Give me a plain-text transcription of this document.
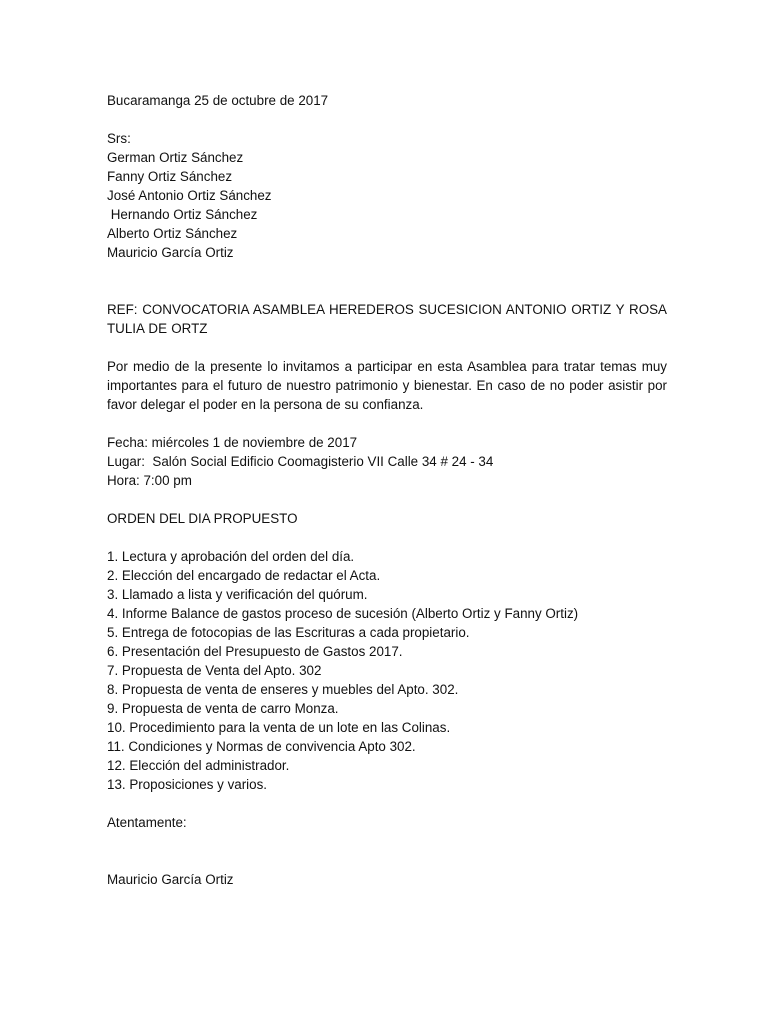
Bucaramanga 25 de octubre de 2017
Srs:
German Ortiz Sánchez
Fanny Ortiz Sánchez
José Antonio Ortiz Sánchez
Hernando Ortiz Sánchez
Alberto Ortiz Sánchez
Mauricio García Ortiz
REF: CONVOCATORIA ASAMBLEA HEREDEROS SUCESICION ANTONIO ORTIZ Y ROSA TULIA DE ORTZ
Por medio de la presente lo invitamos a participar en esta Asamblea para tratar temas muy importantes para el futuro de nuestro patrimonio y bienestar. En caso de no poder asistir por favor delegar el poder en la persona de su confianza.
Fecha: miércoles 1 de noviembre de 2017
Lugar:  Salón Social Edificio Coomagisterio VII Calle 34 # 24 - 34
Hora: 7:00 pm
ORDEN DEL DIA PROPUESTO
1. Lectura y aprobación del orden del día.
2. Elección del encargado de redactar el Acta.
3. Llamado a lista y verificación del quórum.
4. Informe Balance de gastos proceso de sucesión (Alberto Ortiz y Fanny Ortiz)
5. Entrega de fotocopias de las Escrituras a cada propietario.
6. Presentación del Presupuesto de Gastos 2017.
7. Propuesta de Venta del Apto. 302
8. Propuesta de venta de enseres y muebles del Apto. 302.
9. Propuesta de venta de carro Monza.
10. Procedimiento para la venta de un lote en las Colinas.
11. Condiciones y Normas de convivencia Apto 302.
12. Elección del administrador.
13. Proposiciones y varios.
Atentamente:
Mauricio García Ortiz
